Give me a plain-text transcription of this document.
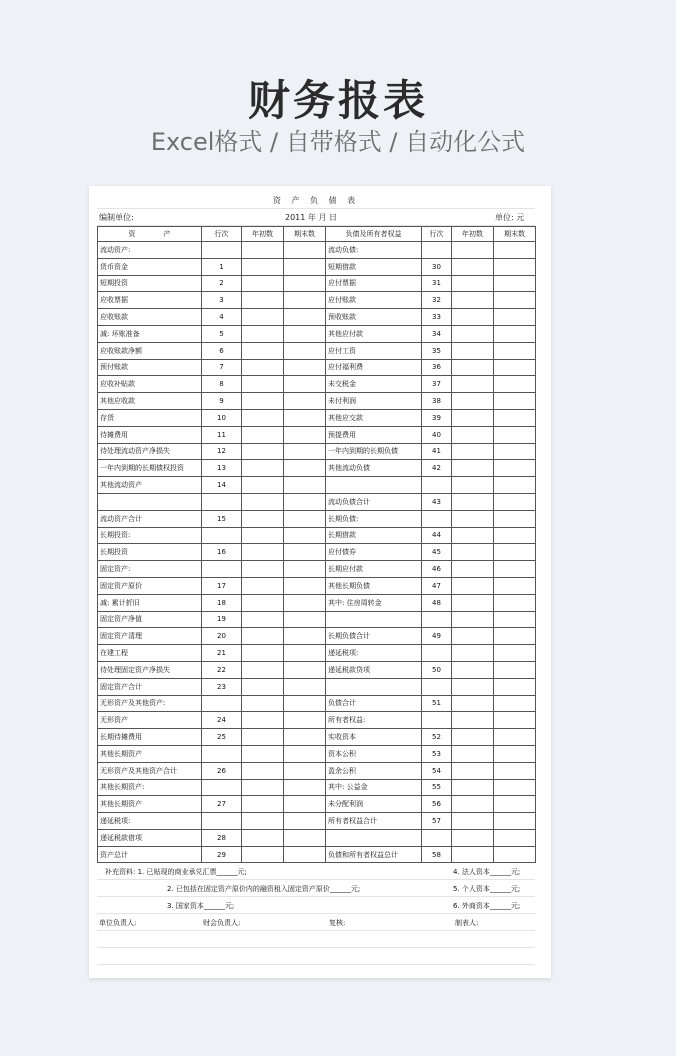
财务报表
Excel格式 / 自带格式 / 自动化公式
资 产 负 债 表
编制单位:	2011 年 月 日	单位: 元
资　　　　产	行次	年初数	期末数	负债及所有者权益	行次	年初数	期末数
流动资产:				流动负债:			
货币资金	1			短期借款	30		
短期投资	2			应付票据	31		
应收票据	3			应付账款	32		
应收账款	4			预收账款	33		
减: 坏账准备	5			其他应付款	34		
应收账款净额	6			应付工资	35		
预付账款	7			应付福利费	36		
应收补贴款	8			未交税金	37		
其他应收款	9			未付利润	38		
存货	10			其他应交款	39		
待摊费用	11			预提费用	40		
待处理流动资产净损失	12			一年内到期的长期负债	41		
一年内到期的长期债权投资	13			其他流动负债	42		
其他流动资产	14						
				流动负债合计	43		
流动资产合计	15			长期负债:			
长期投资:				长期借款	44		
长期投资	16			应付债券	45		
固定资产:				长期应付款	46		
固定资产原价	17			其他长期负债	47		
减: 累计折旧	18			其中: 住房周转金	48		
固定资产净值	19						
固定资产清理	20			长期负债合计	49		
在建工程	21			递延税项:			
待处理固定资产净损失	22			递延税款贷项	50		
固定资产合计	23						
无形资产及其他资产:				负债合计	51		
无形资产	24			所有者权益:			
长期待摊费用	25			实收资本	52		
其他长期资产				资本公积	53		
无形资产及其他资产合计	26			盈余公积	54		
其他长期资产:				其中: 公益金	55		
其他长期资产	27			未分配利润	56		
递延税项:				所有者权益合计	57		
递延税款借项	28						
资产总计	29			负债和所有者权益总计	58		
补充资料: 1. 已贴现的商业承兑汇票______元;	4. 法人资本______元;
2. 已包括在固定资产原价内的融资租入固定资产原价______元;	5. 个人资本______元;
3. 国家资本______元;	6. 外商资本______元;
单位负责人:	财会负责人:	复核:	制表人:
